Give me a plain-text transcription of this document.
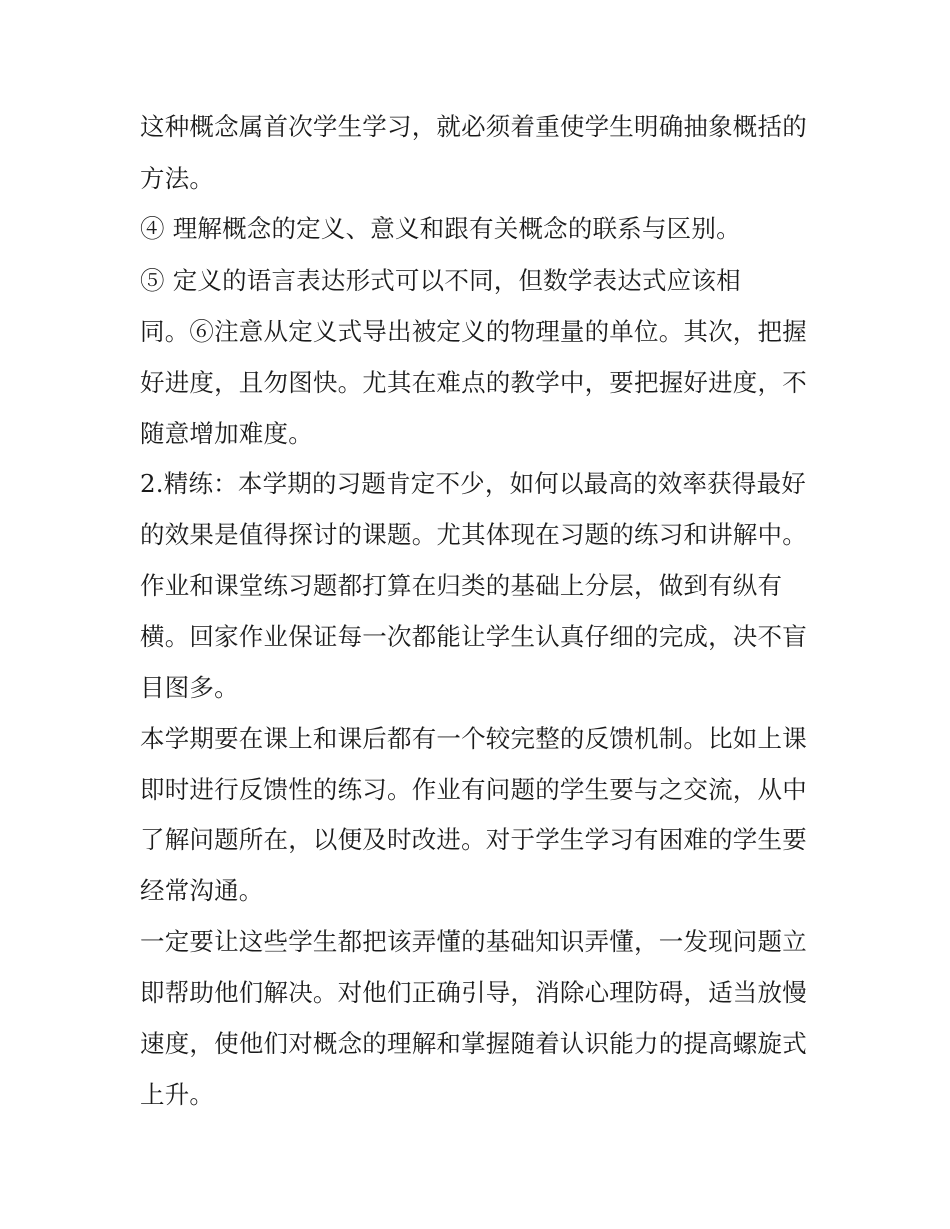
这种概念属首次学生学习，就必须着重使学生明确抽象概括的
方法。
④ 理解概念的定义、意义和跟有关概念的联系与区别。
⑤ 定义的语言表达形式可以不同，但数学表达式应该相
同。⑥注意从定义式导出被定义的物理量的单位。其次，把握
好进度，且勿图快。尤其在难点的教学中，要把握好进度，不
随意增加难度。
2.精练：本学期的习题肯定不少，如何以最高的效率获得最好
的效果是值得探讨的课题。尤其体现在习题的练习和讲解中。
作业和课堂练习题都打算在归类的基础上分层，做到有纵有
横。回家作业保证每一次都能让学生认真仔细的完成，决不盲
目图多。
本学期要在课上和课后都有一个较完整的反馈机制。比如上课
即时进行反馈性的练习。作业有问题的学生要与之交流，从中
了解问题所在，以便及时改进。对于学生学习有困难的学生要
经常沟通。
一定要让这些学生都把该弄懂的基础知识弄懂，一发现问题立
即帮助他们解决。对他们正确引导，消除心理防碍，适当放慢
速度，使他们对概念的理解和掌握随着认识能力的提高螺旋式
上升。
